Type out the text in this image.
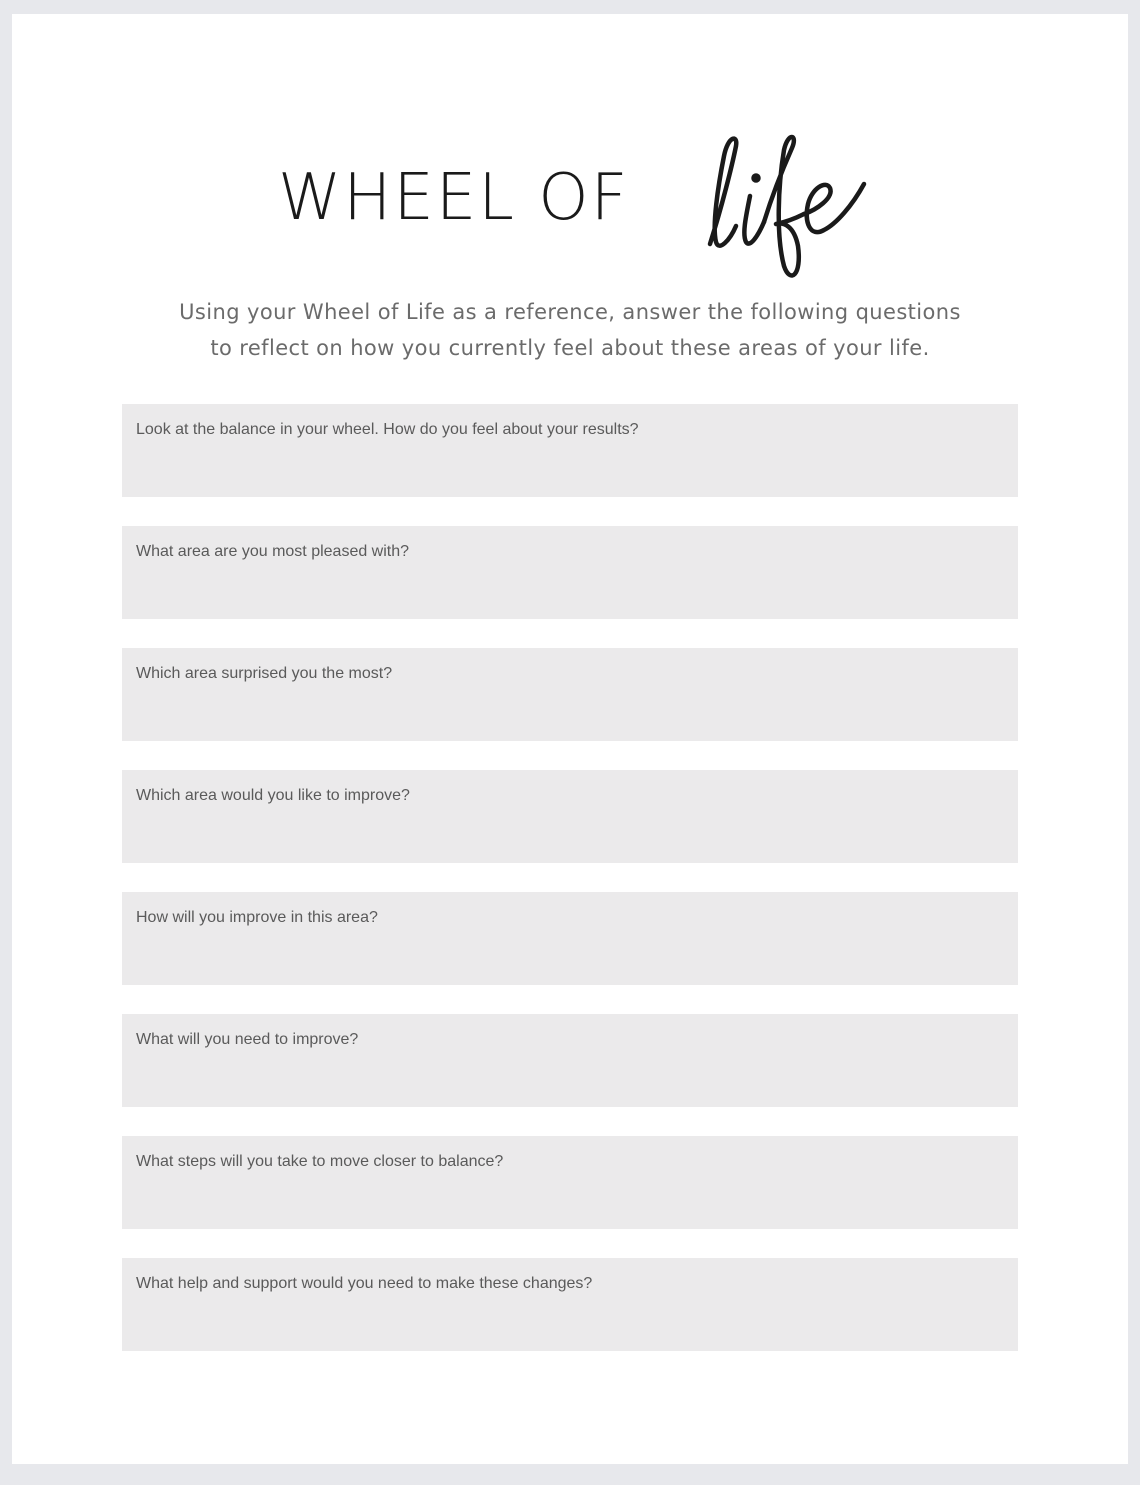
WHEEL OF
Using your Wheel of Life as a reference, answer the following questions
to reflect on how you currently feel about these areas of your life.
Look at the balance in your wheel. How do you feel about your results?
What area are you most pleased with?
Which area surprised you the most?
Which area would you like to improve?
How will you improve in this area?
What will you need to improve?
What steps will you take to move closer to balance?
What help and support would you need to make these changes?
